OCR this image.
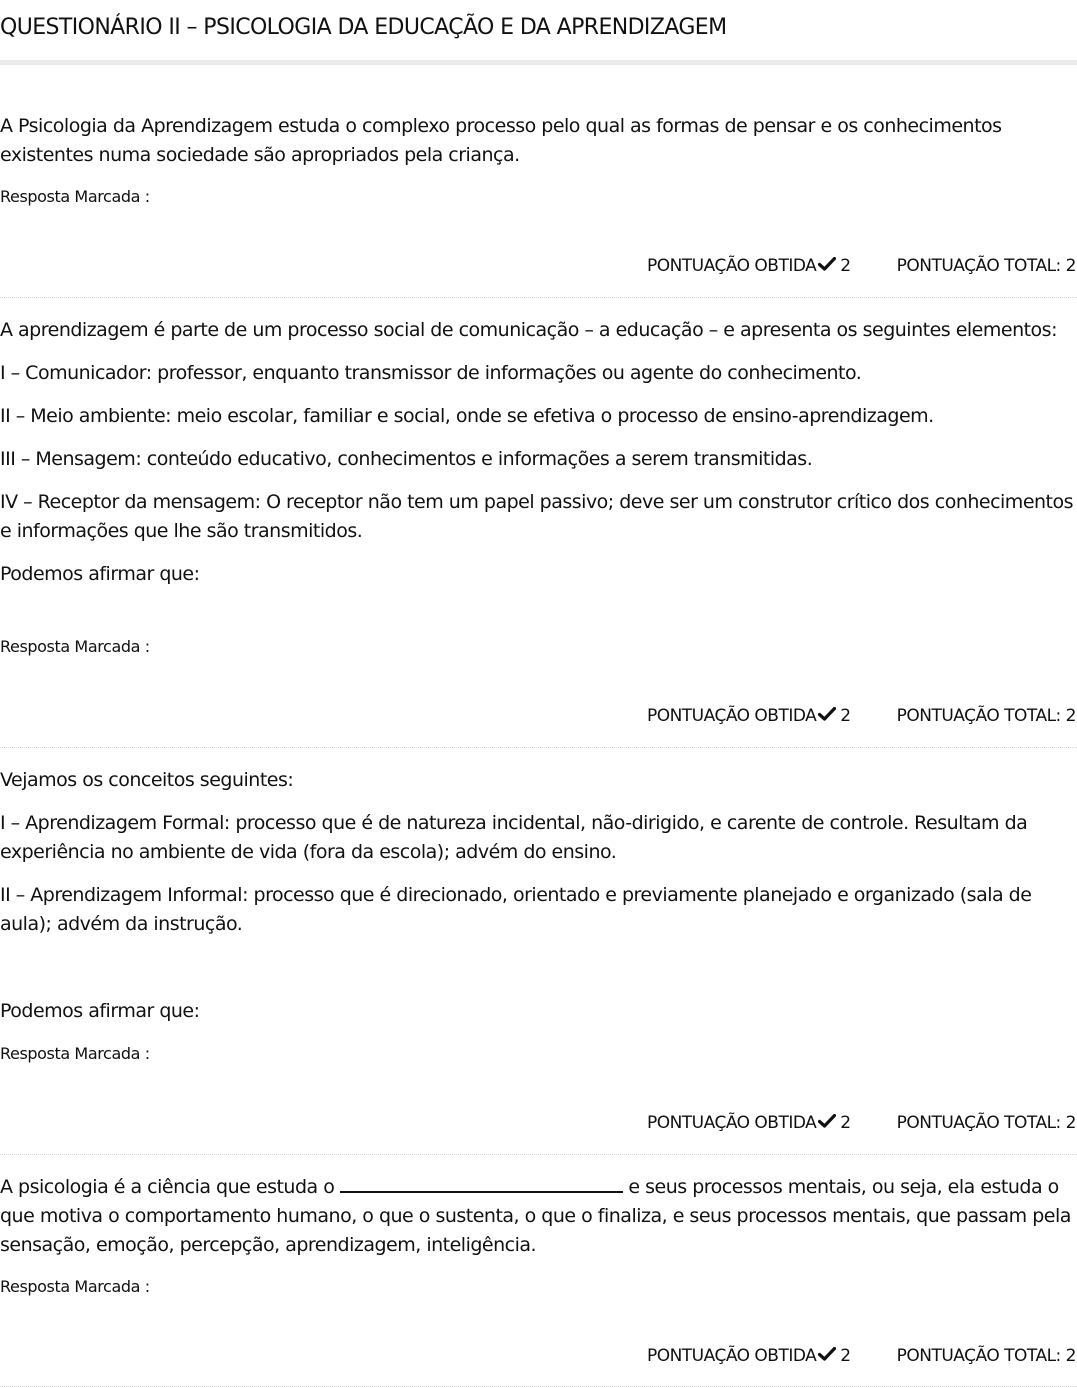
QUESTIONÁRIO II – PSICOLOGIA DA EDUCAÇÃO E DA APRENDIZAGEM

A Psicologia da Aprendizagem estuda o complexo processo pelo qual as formas de pensar e os conhecimentos existentes numa sociedade são apropriados pela criança.

Resposta Marcada :
PONTUAÇÃO OBTIDA 2	PONTUAÇÃO TOTAL: 2

A aprendizagem é parte de um processo social de comunicação – a educação – e apresenta os seguintes elementos:

I – Comunicador: professor, enquanto transmissor de informações ou agente do conhecimento.

II – Meio ambiente: meio escolar, familiar e social, onde se efetiva o processo de ensino-aprendizagem.

III – Mensagem: conteúdo educativo, conhecimentos e informações a serem transmitidas.

IV – Receptor da mensagem: O receptor não tem um papel passivo; deve ser um construtor crítico dos conhecimentos e informações que lhe são transmitidos.

Podemos afirmar que:

Resposta Marcada :
PONTUAÇÃO OBTIDA 2	PONTUAÇÃO TOTAL: 2

Vejamos os conceitos seguintes:

I – Aprendizagem Formal: processo que é de natureza incidental, não-dirigido, e carente de controle. Resultam da experiência no ambiente de vida (fora da escola); advém do ensino.

II – Aprendizagem Informal: processo que é direcionado, orientado e previamente planejado e organizado (sala de aula); advém da instrução.

Podemos afirmar que:

Resposta Marcada :
PONTUAÇÃO OBTIDA 2	PONTUAÇÃO TOTAL: 2

A psicologia é a ciência que estuda o	e seus processos mentais, ou seja, ela estuda o que motiva o comportamento humano, o que o sustenta, o que o finaliza, e seus processos mentais, que passam pela sensação, emoção, percepção, aprendizagem, inteligência.

Resposta Marcada :
PONTUAÇÃO OBTIDA 2	PONTUAÇÃO TOTAL: 2
